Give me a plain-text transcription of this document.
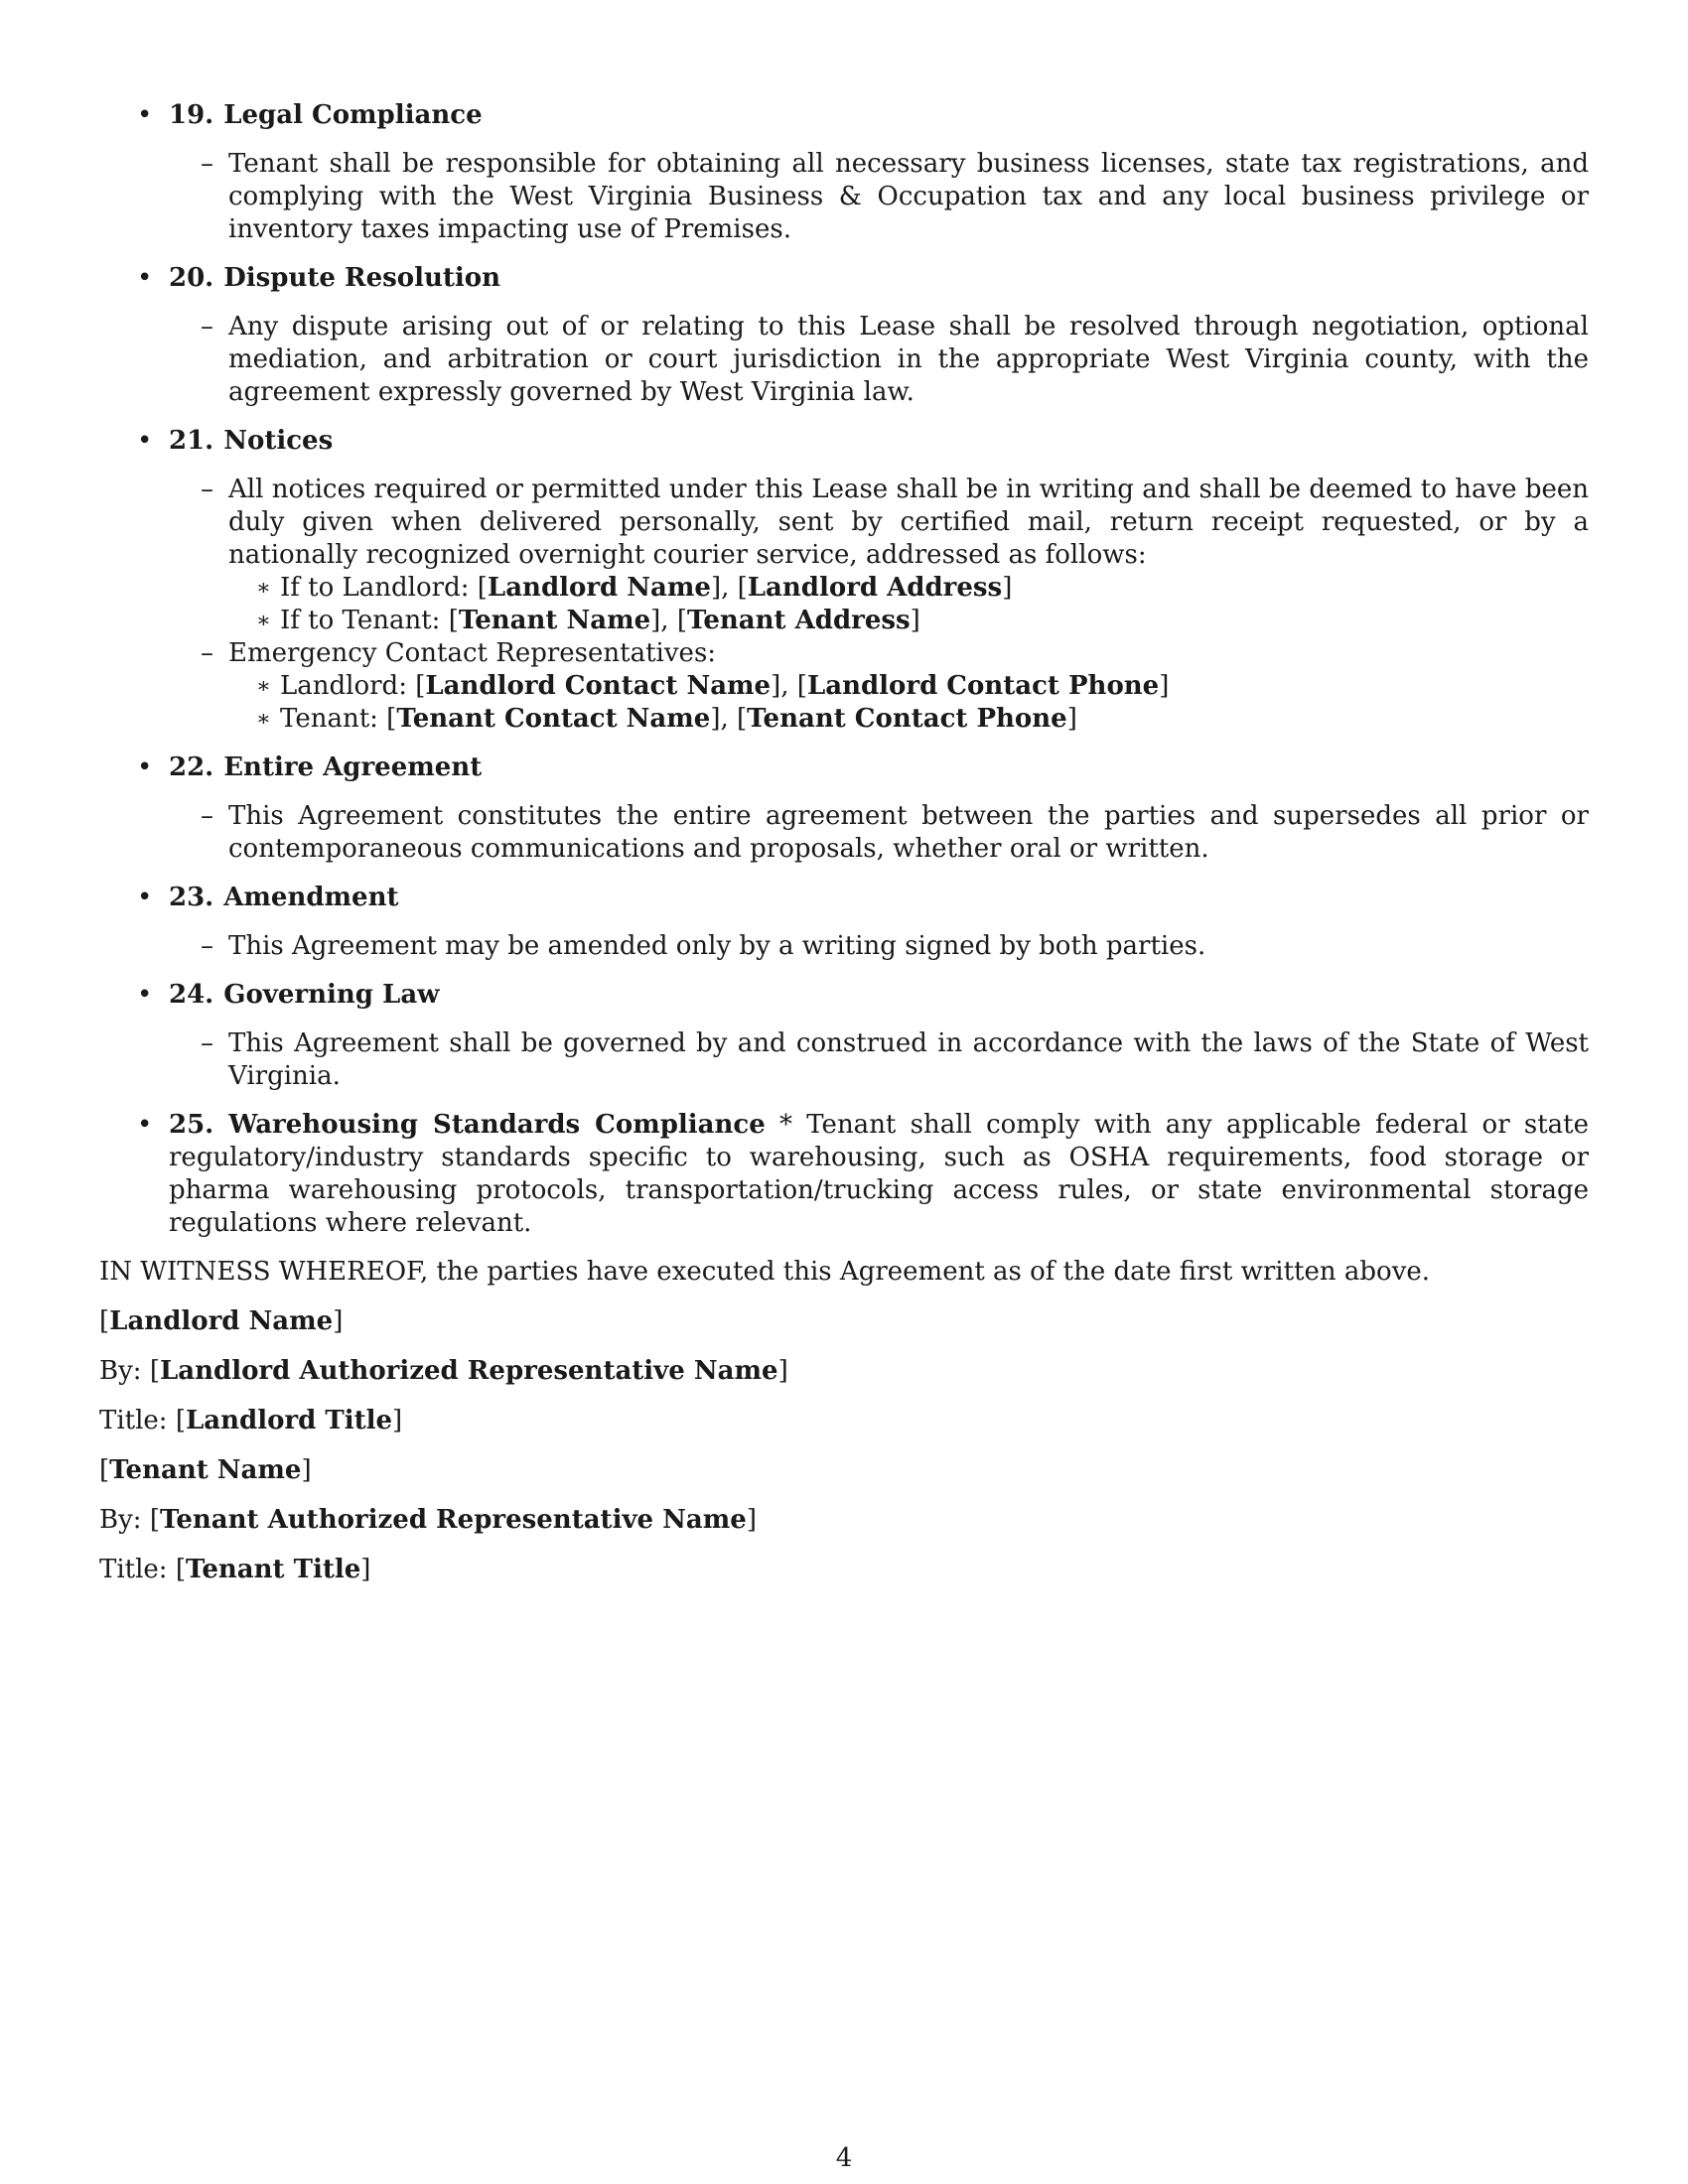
• 19. Legal Compliance
– Tenant shall be responsible for obtaining all necessary business licenses, state tax registrations, and complying with the West Virginia Business & Occupation tax and any local business privilege or inventory taxes impacting use of Premises.
• 20. Dispute Resolution
– Any dispute arising out of or relating to this Lease shall be resolved through negotiation, optional mediation, and arbitration or court jurisdiction in the appropriate West Virginia county, with the agreement expressly governed by West Virginia law.
• 21. Notices
– All notices required or permitted under this Lease shall be in writing and shall be deemed to have been duly given when delivered personally, sent by certified mail, return receipt requested, or by a nationally recognized overnight courier service, addressed as follows:
∗ If to Landlord: [Landlord Name], [Landlord Address]
∗ If to Tenant: [Tenant Name], [Tenant Address]
– Emergency Contact Representatives:
∗ Landlord: [Landlord Contact Name], [Landlord Contact Phone]
∗ Tenant: [Tenant Contact Name], [Tenant Contact Phone]
• 22. Entire Agreement
– This Agreement constitutes the entire agreement between the parties and supersedes all prior or contemporaneous communications and proposals, whether oral or written.
• 23. Amendment
– This Agreement may be amended only by a writing signed by both parties.
• 24. Governing Law
– This Agreement shall be governed by and construed in accordance with the laws of the State of West Virginia.
• 25. Warehousing Standards Compliance * Tenant shall comply with any applicable federal or state regulatory/industry standards specific to warehousing, such as OSHA requirements, food storage or pharma warehousing protocols, transportation/trucking access rules, or state environmental storage regulations where relevant.

IN WITNESS WHEREOF, the parties have executed this Agreement as of the date first written above.

[Landlord Name]

By: [Landlord Authorized Representative Name]

Title: [Landlord Title]

[Tenant Name]

By: [Tenant Authorized Representative Name]

Title: [Tenant Title]

4
